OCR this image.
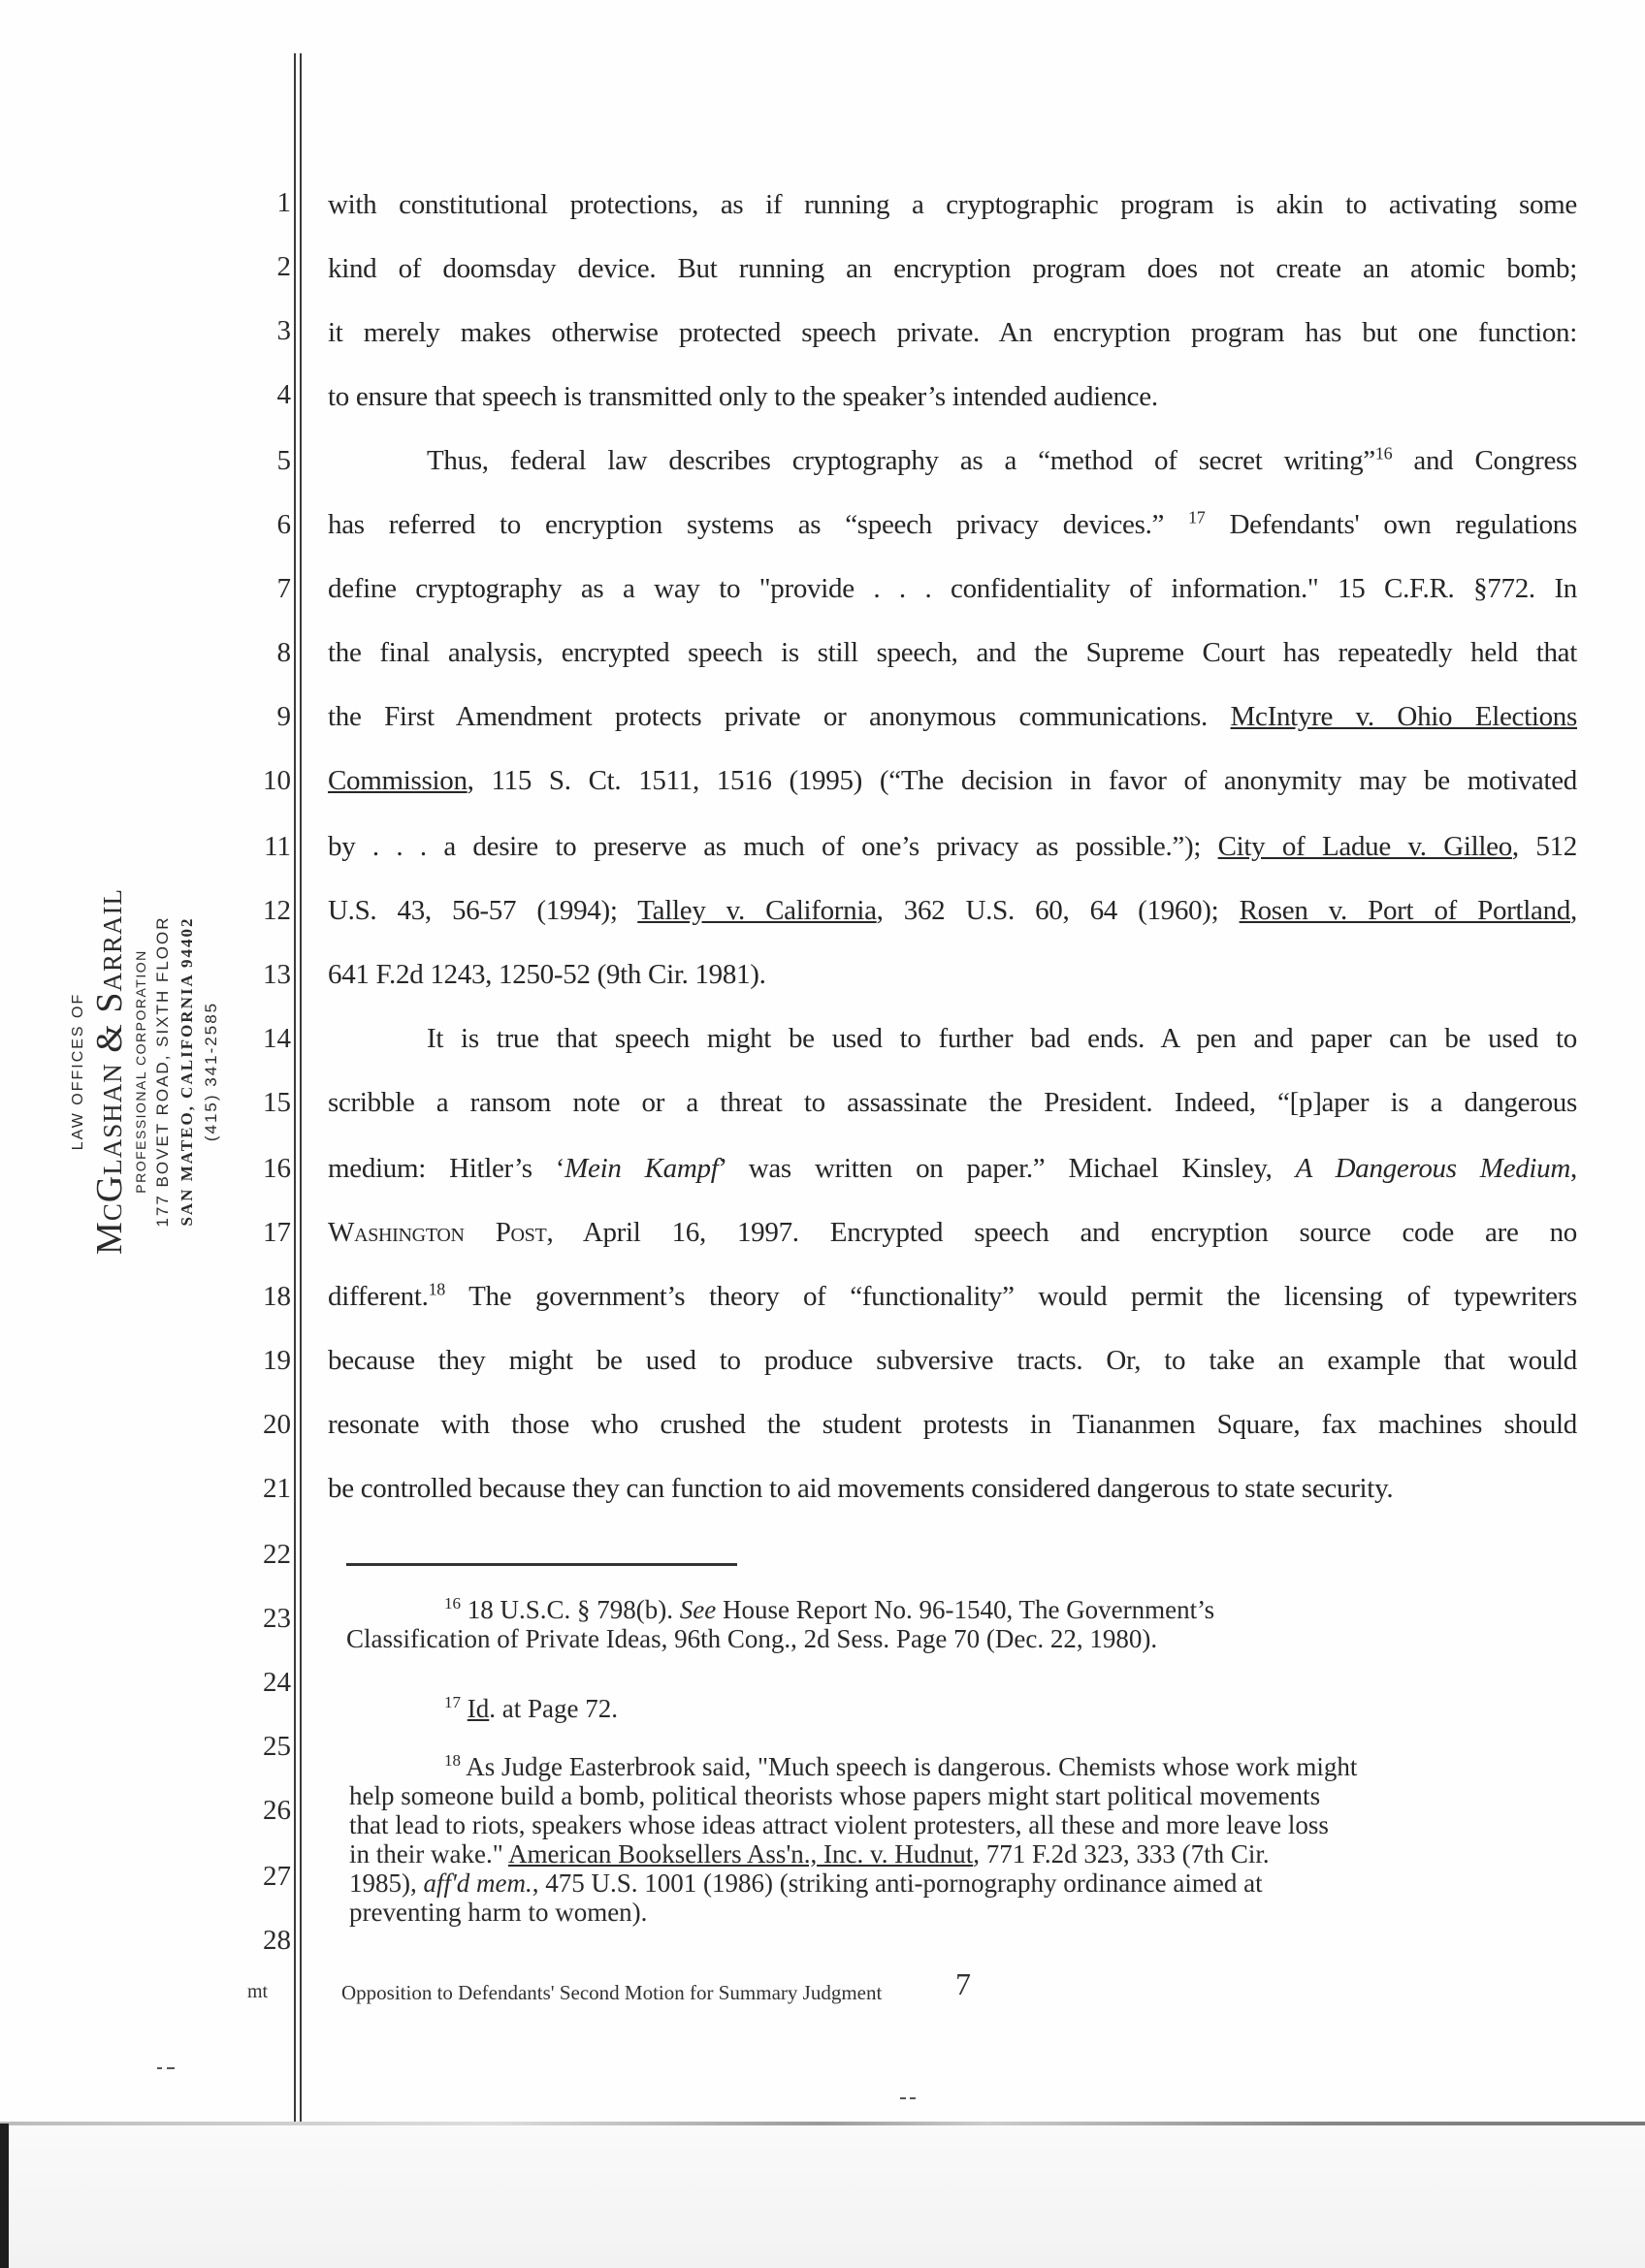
LAW OFFICES OF McGlashan & Sarrail PROFESSIONAL CORPORATION 177 BOVET ROAD, SIXTH FLOOR SAN MATEO, CALIFORNIA 94402 (415) 341-2585
1
2
3
4
5
6
7
8
9
10
11
12
13
14
15
16
17
18
19
20
21
22
23
24
25
26
27
28
with constitutional protections, as if running a cryptographic program is akin to activating some
kind of doomsday device. But running an encryption program does not create an atomic bomb;
it merely makes otherwise protected speech private. An encryption program has but one function:
to ensure that speech is transmitted only to the speaker’s intended audience.
Thus, federal law describes cryptography as a “method of secret writing”$^{16}$ and Congress
has referred to encryption systems as “speech privacy devices.” $^{17}$ Defendants' own regulations
define cryptography as a way to "provide . . . confidentiality of information." 15 C.F.R. §772. In
the final analysis, encrypted speech is still speech, and the Supreme Court has repeatedly held that
the First Amendment protects private or anonymous communications. McIntyre v. Ohio Elections
Commission, 115 S. Ct. 1511, 1516 (1995) (“The decision in favor of anonymity may be motivated
by . . . a desire to preserve as much of one’s privacy as possible.”); City of Ladue v. Gilleo, 512
U.S. 43, 56-57 (1994); Talley v. California, 362 U.S. 60, 64 (1960); Rosen v. Port of Portland,
641 F.2d 1243, 1250-52 (9th Cir. 1981).
It is true that speech might be used to further bad ends. A pen and paper can be used to
scribble a ransom note or a threat to assassinate the President. Indeed, “[p]aper is a dangerous
medium: Hitler’s ‘Mein Kampf’ was written on paper.” Michael Kinsley, A Dangerous Medium,
Washington Post, April 16, 1997. Encrypted speech and encryption source code are no
different.$^{18}$ The government’s theory of “functionality” would permit the licensing of typewriters
because they might be used to produce subversive tracts. Or, to take an example that would
resonate with those who crushed the student protests in Tiananmen Square, fax machines should
be controlled because they can function to aid movements considered dangerous to state security.
$^{16}$ 18 U.S.C. § 798(b). See House Report No. 96-1540, The Government’s
Classification of Private Ideas, 96th Cong., 2d Sess. Page 70 (Dec. 22, 1980).
$^{17}$ Id. at Page 72.
$^{18}$ As Judge Easterbrook said, "Much speech is dangerous. Chemists whose work might
help someone build a bomb, political theorists whose papers might start political movements
that lead to riots, speakers whose ideas attract violent protesters, all these and more leave loss
in their wake." American Booksellers Ass'n., Inc. v. Hudnut, 771 F.2d 323, 333 (7th Cir.
1985), aff'd mem., 475 U.S. 1001 (1986) (striking anti-pornography ordinance aimed at
preventing harm to women).
mt	Opposition to Defendants' Second Motion for Summary Judgment 7
